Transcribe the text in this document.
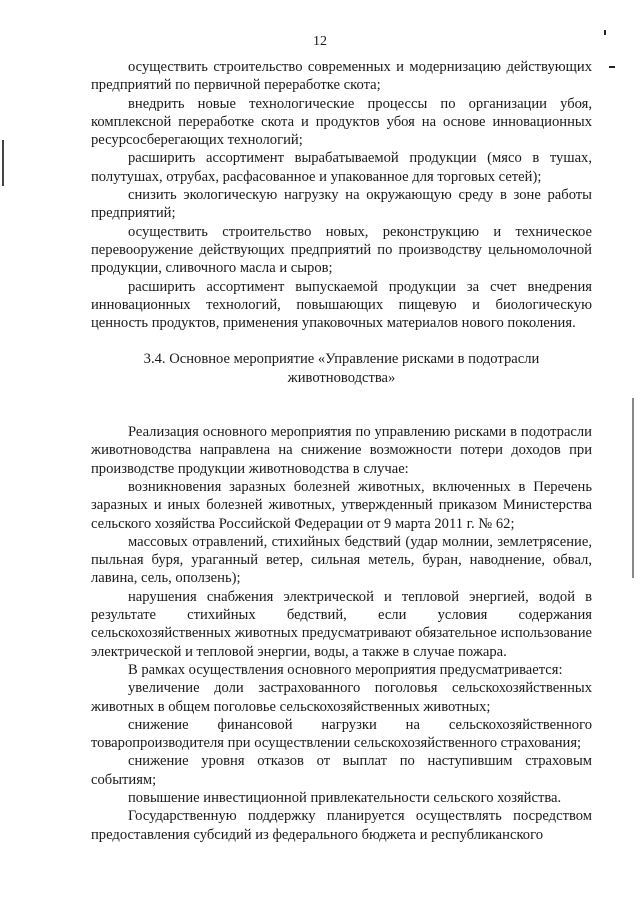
12

осуществить строительство современных и модернизацию действующих предприятий по первичной переработке скота;

внедрить новые технологические процессы по организации убоя, комплексной переработке скота и продуктов убоя на основе инновационных ресурсосберегающих технологий;

расширить ассортимент вырабатываемой продукции (мясо в тушах, полутушах, отрубах, расфасованное и упакованное для торговых сетей);

снизить экологическую нагрузку на окружающую среду в зоне работы предприятий;

осуществить строительство новых, реконструкцию и техническое перевооружение действующих предприятий по производству цельномолочной продукции, сливочного масла и сыров;

расширить ассортимент выпускаемой продукции за счет внедрения инновационных технологий, повышающих пищевую и биологическую ценность продуктов, применения упаковочных материалов нового поколения.

3.4. Основное мероприятие «Управление рисками в подотрасли животноводства»

Реализация основного мероприятия по управлению рисками в подотрасли животноводства направлена на снижение возможности потери доходов при производстве продукции животноводства в случае:

возникновения заразных болезней животных, включенных в Перечень заразных и иных болезней животных, утвержденный приказом Министерства сельского хозяйства Российской Федерации от 9 марта 2011 г. № 62;

массовых отравлений, стихийных бедствий (удар молнии, землетрясение, пыльная буря, ураганный ветер, сильная метель, буран, наводнение, обвал, лавина, сель, оползень);

нарушения снабжения электрической и тепловой энергией, водой в результате стихийных бедствий, если условия содержания сельскохозяйственных животных предусматривают обязательное использование электрической и тепловой энергии, воды, а также в случае пожара.

В рамках осуществления основного мероприятия предусматривается:

увеличение доли застрахованного поголовья сельскохозяйственных животных в общем поголовье сельскохозяйственных животных;

снижение финансовой нагрузки на сельскохозяйственного товаропроизводителя при осуществлении сельскохозяйственного страхования;

снижение уровня отказов от выплат по наступившим страховым событиям;

повышение инвестиционной привлекательности сельского хозяйства.

Государственную поддержку планируется осуществлять посредством предоставления субсидий из федерального бюджета и республиканского
